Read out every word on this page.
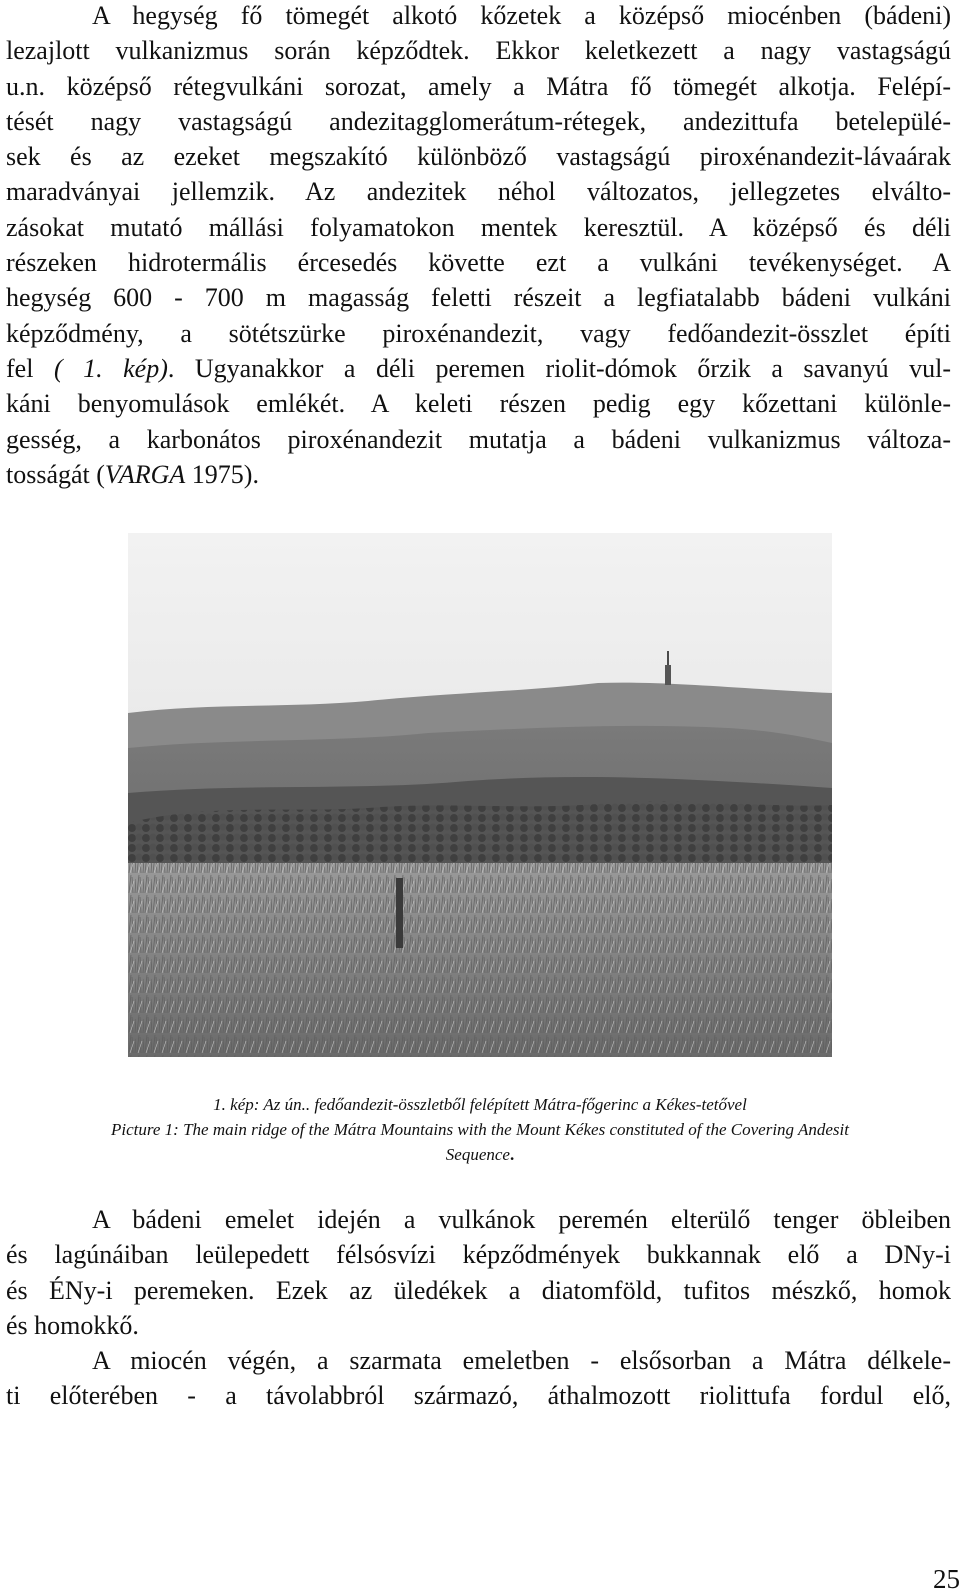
A hegység fő tömegét alkotó kőzetek a középső miocénben (bádeni)
lezajlott vulkanizmus során képződtek. Ekkor keletkezett a nagy vastagságú
u.n. középső rétegvulkáni sorozat, amely a Mátra fő tömegét alkotja. Felépí-
tését nagy vastagságú andezitagglomerátum-rétegek, andezittufa betelepülé-
sek és az ezeket megszakító különböző vastagságú piroxénandezit-lávaárak
maradványai jellemzik. Az andezitek néhol változatos, jellegzetes elválto-
zásokat mutató mállási folyamatokon mentek keresztül. A középső és déli
részeken hidrotermális ércesedés követte ezt a vulkáni tevékenységet. A
hegység 600 - 700 m magasság feletti részeit a legfiatalabb bádeni vulkáni
képződmény, a sötétszürke piroxénandezit, vagy fedőandezit-összlet építi
fel ( 1. kép). Ugyanakkor a déli peremen riolit-dómok őrzik a savanyú vul-
káni benyomulások emlékét. A keleti részen pedig egy kőzettani különle-
gesség, a karbonátos piroxénandezit mutatja a bádeni vulkanizmus változa-
tosságát (VARGA 1975).

1. kép: Az ún.. fedőandezit-összletből felépített Mátra-főgerinc a Kékes-tetővel

Picture 1: The main ridge of the Mátra Mountains with the Mount Kékes constituted of the Covering Andesit

Sequence.

A bádeni emelet idején a vulkánok peremén elterülő tenger öbleiben
és lagúnáiban leülepedett félsósvízi képződmények bukkannak elő a DNy-i
és ÉNy-i peremeken. Ezek az üledékek a diatomföld, tufitos mészkő, homok
és homokkő.

A miocén végén, a szarmata emeletben - elsősorban a Mátra délkele-
ti előterében - a távolabbról származó, áthalmozott riolittufa fordul elő,

25
